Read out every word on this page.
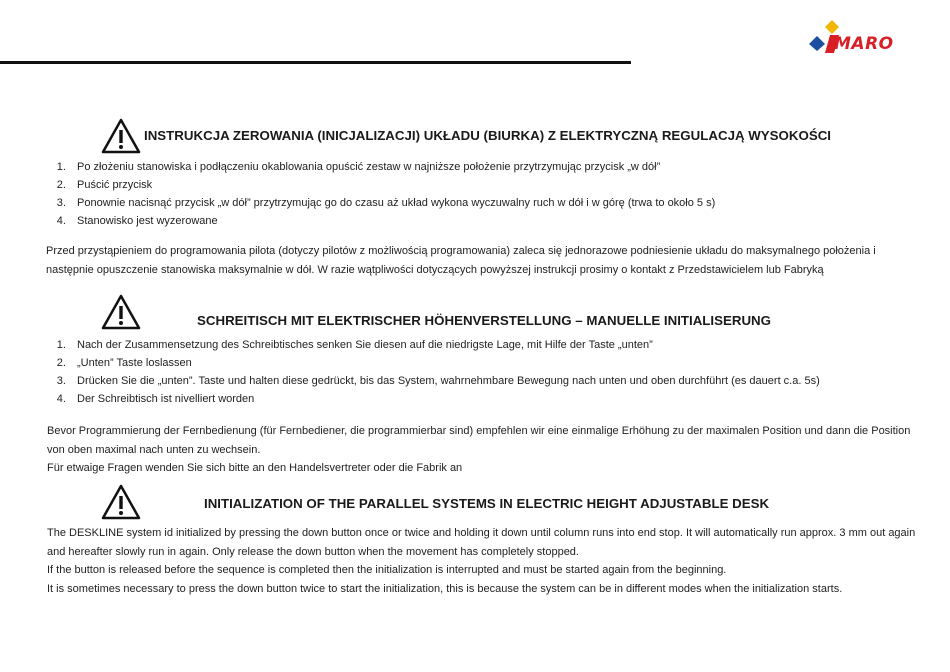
MARO
INSTRUKCJA ZEROWANIA (INICJALIZACJI) UKŁADU (BIURKA) Z ELEKTRYCZNĄ REGULACJĄ WYSOKOŚCI
1. Po złożeniu stanowiska i podłączeniu okablowania opuścić zestaw w najniższe położenie przytrzymując przycisk „w dół”
2. Puścić przycisk
3. Ponownie nacisnąć przycisk „w dół” przytrzymując go do czasu aż układ wykona wyczuwalny ruch w dół i w górę (trwa to około 5 s)
4. Stanowisko jest wyzerowane

Przed przystąpieniem do programowania pilota (dotyczy pilotów z możliwością programowania) zaleca się jednorazowe podniesienie układu do maksymalnego położenia i następnie opuszczenie stanowiska maksymalnie w dół. W razie wątpliwości dotyczących powyższej instrukcji prosimy o kontakt z Przedstawicielem lub Fabryką

SCHREITISCH MIT ELEKTRISCHER HÖHENVERSTELLUNG – MANUELLE INITIALISERUNG
1. Nach der Zusammensetzung des Schreibtisches senken Sie diesen auf die niedrigste Lage, mit Hilfe der Taste „unten”
2. „Unten” Taste loslassen
3. Drücken Sie die „unten”. Taste und halten diese gedrückt, bis das System, wahrnehmbare Bewegung nach unten und oben durchführt (es dauert c.a. 5s)
4. Der Schreibtisch ist nivelliert worden

Bevor Programmierung der Fernbedienung (für Fernbediener, die programmierbar sind) empfehlen wir eine einmalige Erhöhung zu der maximalen Position und dann die Position von oben maximal nach unten zu wechsein.

Für etwaige Fragen wenden Sie sich bitte an den Handelsvertreter oder die Fabrik an

INITIALIZATION OF THE PARALLEL SYSTEMS IN ELECTRIC HEIGHT ADJUSTABLE DESK

The DESKLINE system id initialized by pressing the down button once or twice and holding it down until column runs into end stop. It will automatically run approx. 3 mm out again and hereafter slowly run in again. Only release the down button when the movement has completely stopped.

If the button is released before the sequence is completed then the initialization is interrupted and must be started again from the beginning.

It is sometimes necessary to press the down button twice to start the initialization, this is because the system can be in different modes when the initialization starts.
